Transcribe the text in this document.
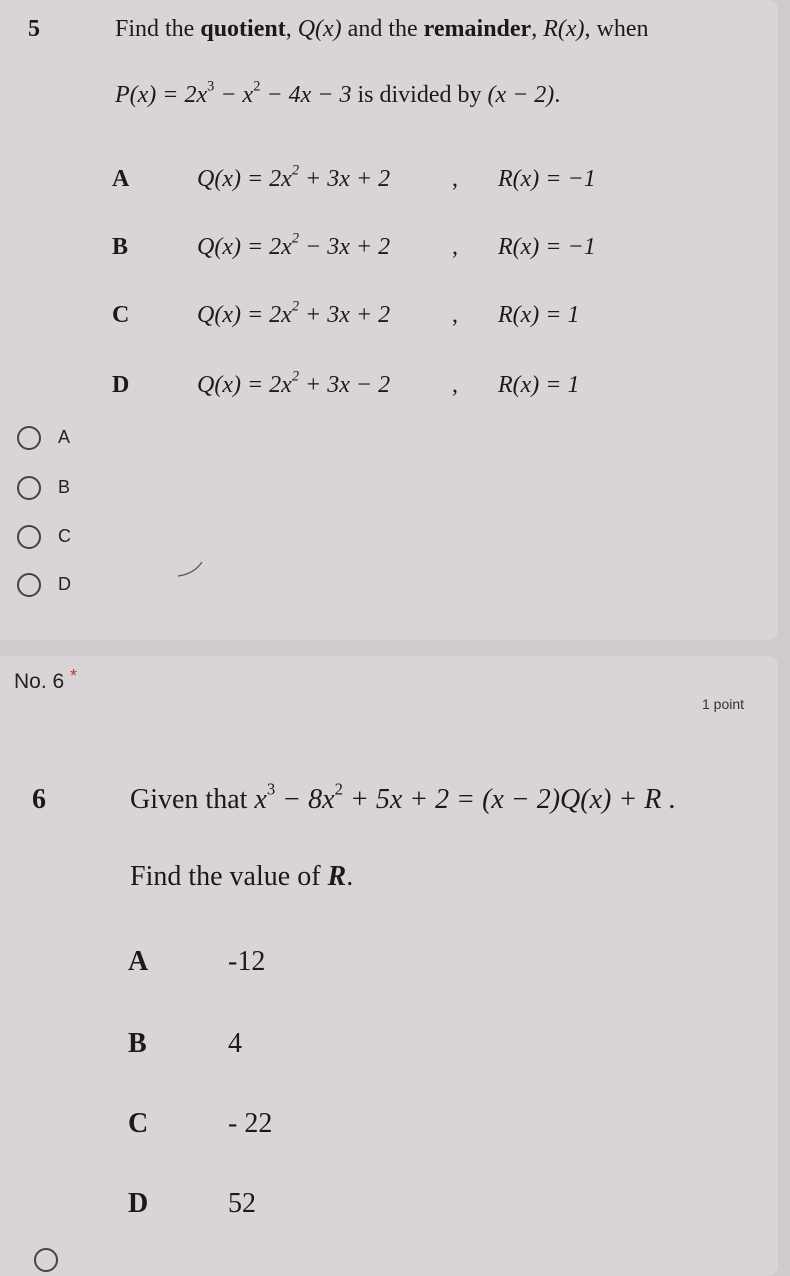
5	Find the quotient, Q(x) and the remainder, R(x), when
$P(x) = 2x^3 - x^2 - 4x - 3$ is divided by (x − 2).
A	$Q(x) = 2x^2 + 3x + 2$	, R(x) = −1
B	$Q(x) = 2x^2 - 3x + 2$	, R(x) = −1
C	$Q(x) = 2x^2 + 3x + 2$	, R(x) = 1
D	$Q(x) = 2x^2 + 3x - 2$	, R(x) = 1
A
B
C
D
No. 6 *
1 point
6	Given that $x^3 - 8x^2 + 5x + 2 = (x - 2)Q(x) + R$ .
Find the value of R.
A	-12
B	4
C	- 22
D	52
